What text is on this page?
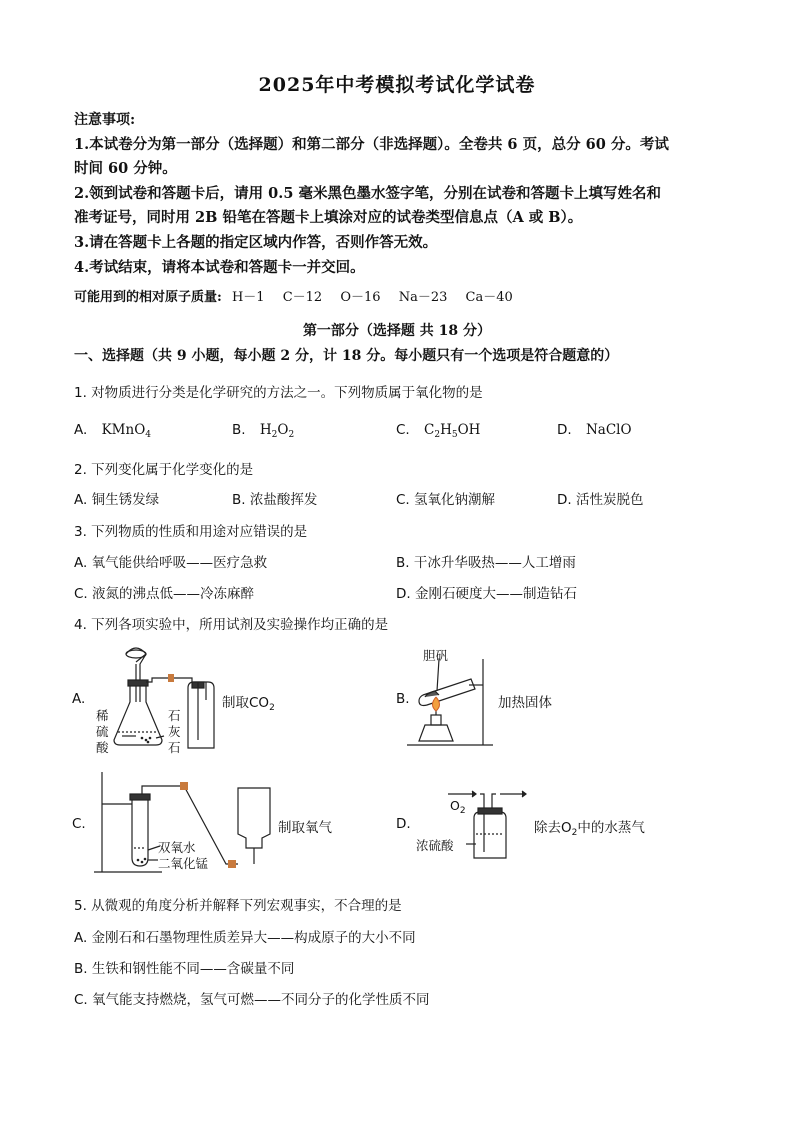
2025年中考模拟考试化学试卷
注意事项:
1.本试卷分为第一部分（选择题）和第二部分（非选择题）。全卷共 6 页，总分 60 分。考试
时间 60 分钟。
2.领到试卷和答题卡后，请用 0.5 毫米黑色墨水签字笔，分别在试卷和答题卡上填写姓名和
准考证号，同时用 2B 铅笔在答题卡上填涂对应的试卷类型信息点（A 或 B）。
3.请在答题卡上各题的指定区域内作答，否则作答无效。
4.考试结束，请将本试卷和答题卡一并交回。
可能用到的相对原子质量: H－1 C－12 O－16 Na－23 Ca－40
第一部分（选择题 共 18 分）
一、选择题（共 9 小题，每小题 2 分，计 18 分。每小题只有一个选项是符合题意的）
1. 对物质进行分类是化学研究的方法之一。下列物质属于氧化物的是
A. KMnO$_4$	B. $H_2O_2$	C. $C_2H_5OH$	D. NaClO
2. 下列变化属于化学变化的是
A. 铜生锈发绿	B. 浓盐酸挥发	C. 氢氧化钠潮解	D. 活性炭脱色
3. 下列物质的性质和用途对应错误的是
A. 氧气能供给呼吸——医疗急救	B. 干冰升华吸热——人工增雨
C. 液氮的沸点低——冷冻麻醉	D. 金刚石硬度大——制造钻石
4. 下列各项实验中，所用试剂及实验操作均正确的是
A.
稀
硫
酸
石
灰
石
制取$CO_2$
B.
胆矾
加热固体
C.
双氧水
二氧化锰
制取氧气	D.
$O_2$
浓硫酸
除去$O_2$中的水蒸气
5. 从微观的角度分析并解释下列宏观事实，不合理的是
A. 金刚石和石墨物理性质差异大——构成原子的大小不同
B. 生铁和钢性能不同——含碳量不同
C. 氧气能支持燃烧，氢气可燃——不同分子的化学性质不同
